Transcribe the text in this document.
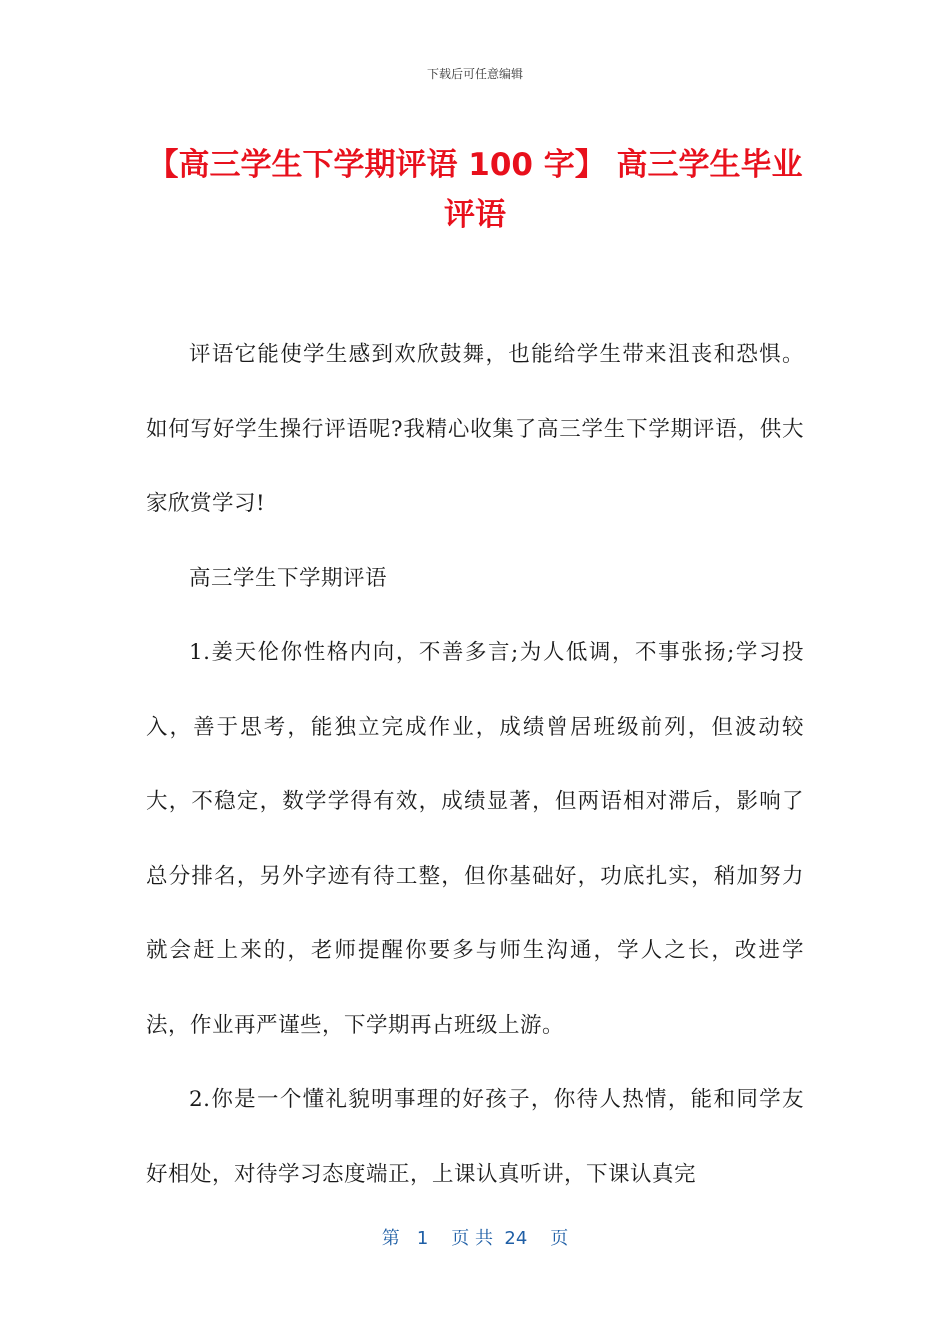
下载后可任意编辑
【高三学生下学期评语 100 字】 高三学生毕业评语

评语它能使学生感到欢欣鼓舞，也能给学生带来沮丧和恐惧。如何写好学生操行评语呢?我精心收集了高三学生下学期评语，供大家欣赏学习!

高三学生下学期评语

1.姜天伦你性格内向，不善多言;为人低调，不事张扬;学习投入，善于思考，能独立完成作业，成绩曾居班级前列，但波动较大，不稳定，数学学得有效，成绩显著，但两语相对滞后，影响了总分排名，另外字迹有待工整，但你基础好，功底扎实，稍加努力就会赶上来的，老师提醒你要多与师生沟通，学人之长，改进学法，作业再严谨些，下学期再占班级上游。

2.你是一个懂礼貌明事理的好孩子，你待人热情，能和同学友好相处，对待学习态度端正，上课认真听讲，下课认真完

第   1    页 共  24    页
